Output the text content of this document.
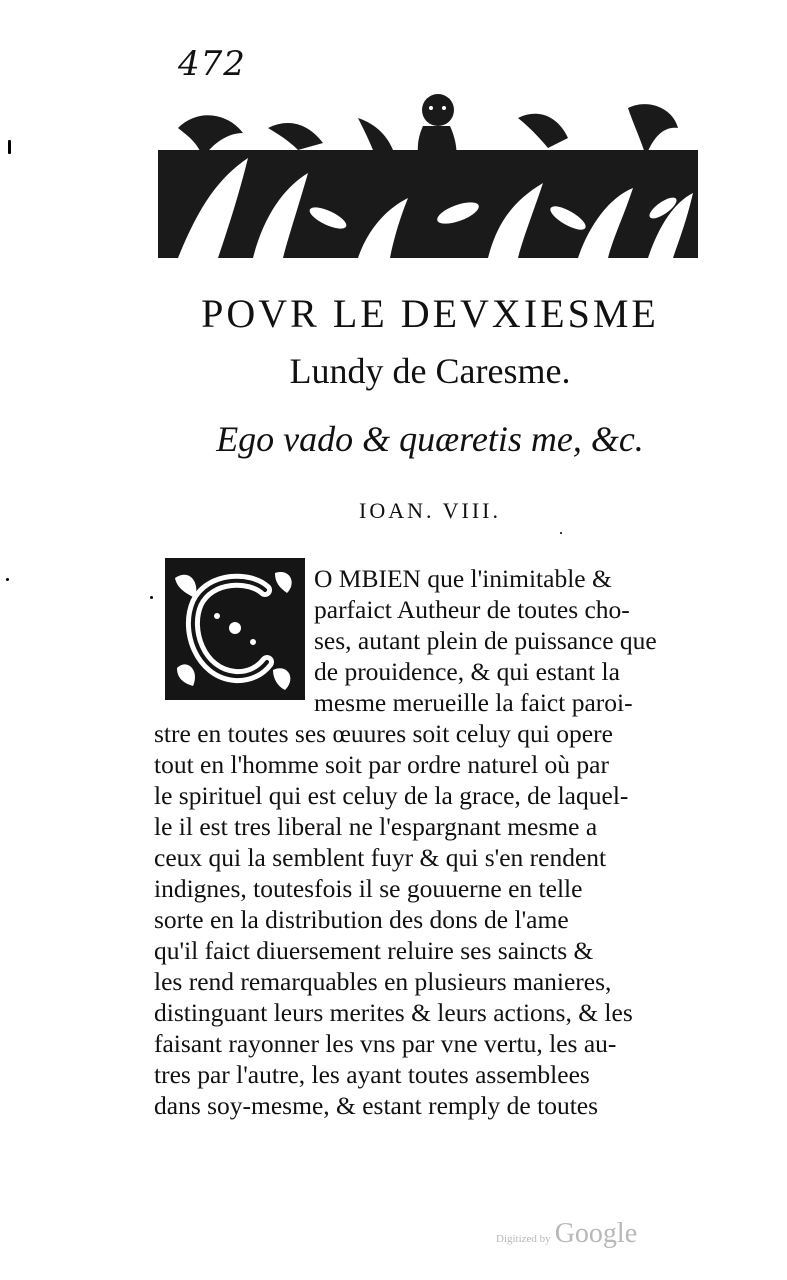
472
POVR LE DEVXIESME
Lundy de Caresme.
Ego vado & quæretis me, &c.
IOAN. VIII.
O MBIEN que l'inimitable &
parfaict Autheur de toutes cho-
ses, autant plein de puissance que
de prouidence, & qui estant la
mesme merueille la faict paroi-
stre en toutes ses œuures soit celuy qui opere
tout en l'homme soit par ordre naturel où par
le spirituel qui est celuy de la grace, de laquel-
le il est tres liberal ne l'espargnant mesme a
ceux qui la semblent fuyr & qui s'en rendent
indignes, toutesfois il se gouuerne en telle
sorte en la distribution des dons de l'ame
qu'il faict diuersement reluire ses saincts &
les rend remarquables en plusieurs manieres,
distinguant leurs merites & leurs actions, & les
faisant rayonner les vns par vne vertu, les au-
tres par l'autre, les ayant toutes assemblees
dans soy-mesme, & estant remply de toutes
Digitized by Google
